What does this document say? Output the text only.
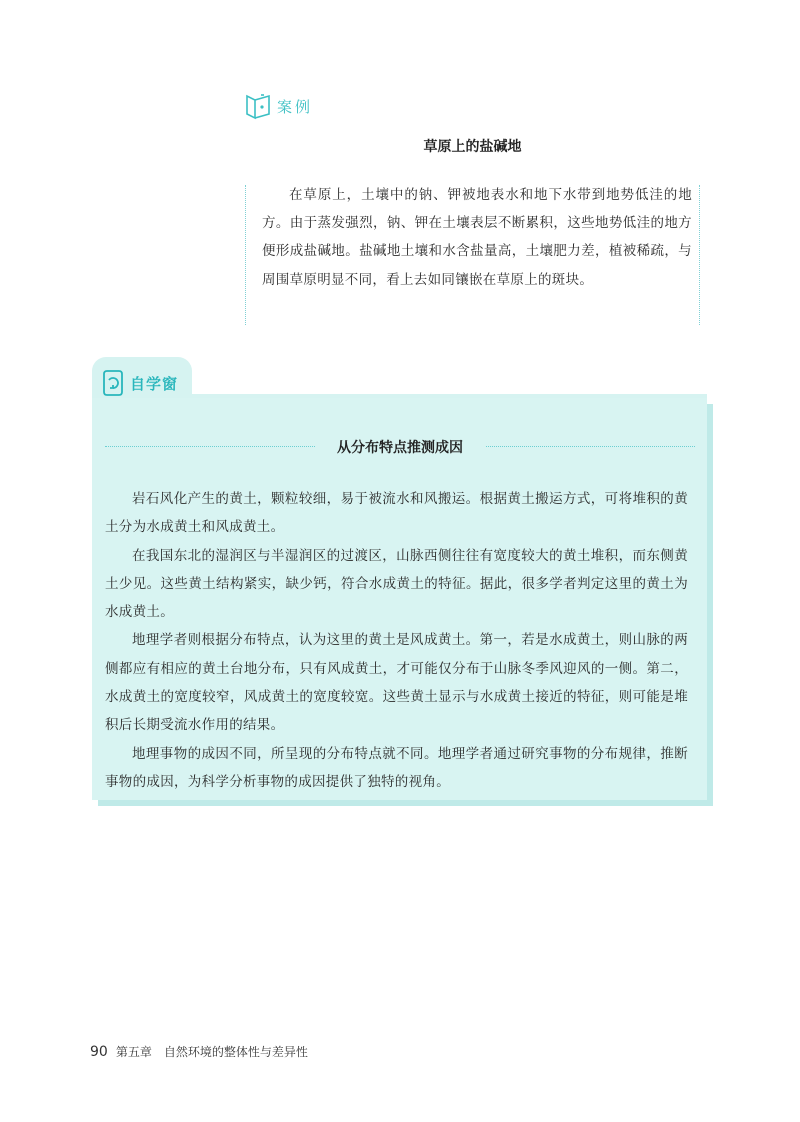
案例
草原上的盐碱地

在草原上，土壤中的钠、钾被地表水和地下水带到地势低洼的地方。由于蒸发强烈，钠、钾在土壤表层不断累积，这些地势低洼的地方便形成盐碱地。盐碱地土壤和水含盐量高，土壤肥力差，植被稀疏，与周围草原明显不同，看上去如同镶嵌在草原上的斑块。

自学窗
从分布特点推测成因

岩石风化产生的黄土，颗粒较细，易于被流水和风搬运。根据黄土搬运方式，可将堆积的黄土分为水成黄土和风成黄土。

在我国东北的湿润区与半湿润区的过渡区，山脉西侧往往有宽度较大的黄土堆积，而东侧黄土少见。这些黄土结构紧实，缺少钙，符合水成黄土的特征。据此，很多学者判定这里的黄土为水成黄土。

地理学者则根据分布特点，认为这里的黄土是风成黄土。第一，若是水成黄土，则山脉的两侧都应有相应的黄土台地分布，只有风成黄土，才可能仅分布于山脉冬季风迎风的一侧。第二，水成黄土的宽度较窄，风成黄土的宽度较宽。这些黄土显示与水成黄土接近的特征，则可能是堆积后长期受流水作用的结果。

地理事物的成因不同，所呈现的分布特点就不同。地理学者通过研究事物的分布规律，推断事物的成因，为科学分析事物的成因提供了独特的视角。

90 第五章　自然环境的整体性与差异性
